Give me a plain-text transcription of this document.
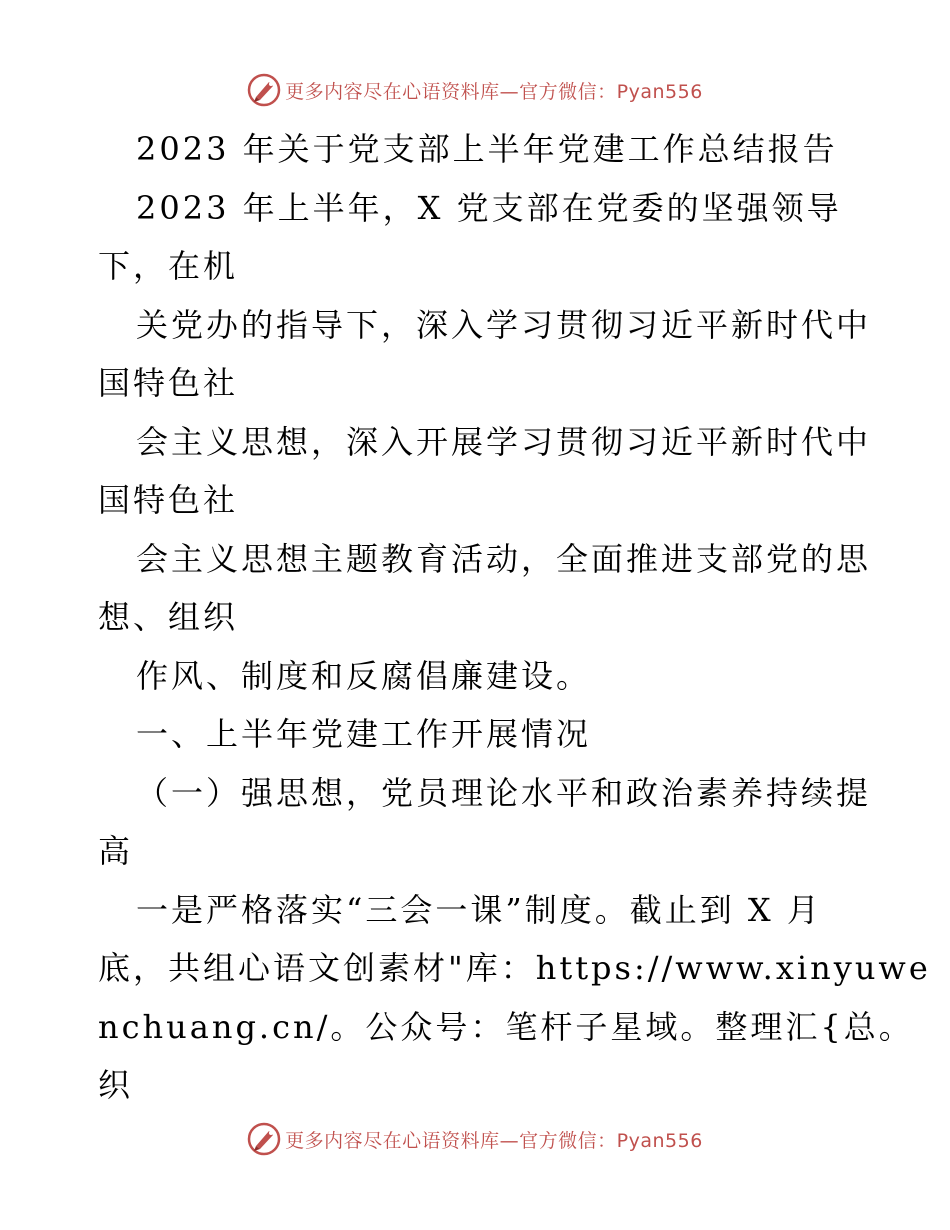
更多内容尽在心语资料库—官方微信：Pyan556
2023 年关于党支部上半年党建工作总结报告
2023 年上半年，X 党支部在党委的坚强领导
下，在机
关党办的指导下，深入学习贯彻习近平新时代中
国特色社
会主义思想，深入开展学习贯彻习近平新时代中
国特色社
会主义思想主题教育活动，全面推进支部党的思
想、组织
作风、制度和反腐倡廉建设。
一、上半年党建工作开展情况
（一）强思想，党员理论水平和政治素养持续提
高
一是严格落实“三会一课”制度。截止到 X 月
底，共组心语文创素材"库：https://www.xinyuwe
nchuang.cn/。公众号：笔杆子星域。整理汇{总。
织
更多内容尽在心语资料库—官方微信：Pyan556
